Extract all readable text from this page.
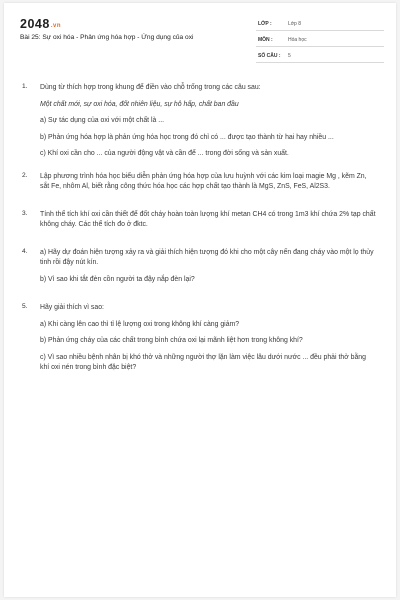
2048.vn
Bài 25: Sự oxi hóa - Phản ứng hóa hợp - Ứng dụng của oxi
LỚP :	Lớp 8
MÔN :	Hóa học
SỐ CÂU : 5
1. Dùng từ thích hợp trong khung để điền vào chỗ trống trong các câu sau:
Một chất mới, sự oxi hóa, đốt nhiên liệu, sự hô hấp, chất ban đầu
a) Sự tác dụng của oxi với một chất là ...
b) Phản ứng hóa hợp là phản ứng hóa học trong đó chỉ có ... được tạo thành từ hai hay nhiều ...
c) Khí oxi cần cho ... của người động vật và cần để ... trong đời sống và sản xuất.
2. Lập phương trình hóa học biểu diễn phản ứng hóa hợp của lưu huỳnh với các kim loại magie Mg , kẽm Zn, sắt Fe, nhôm Al, biết rằng công thức hóa học các hợp chất tạo thành là MgS, ZnS, FeS, Al2S3.
3. Tính thể tích khí oxi cần thiết để đốt cháy hoàn toàn lượng khí metan CH4 có trong 1m3 khí chứa 2% tạp chất không cháy. Các thể tích đo ở đktc.
4. a) Hãy dự đoán hiện tượng xảy ra và giải thích hiện tượng đó khi cho một cây nến đang cháy vào một lọ thủy tinh rồi đậy nút kín.
b) Vì sao khi tắt đèn cồn người ta đậy nắp đèn lại?
5. Hãy giải thích vì sao:
a) Khi càng lên cao thì tỉ lệ lượng oxi trong không khí càng giảm?
b) Phản ứng cháy của các chất trong bình chứa oxi lại mãnh liệt hơn trong không khí?
c) Vì sao nhiều bệnh nhân bị khó thở và những người thợ lặn làm việc lâu dưới nước ... đều phải thở bằng khí oxi nén trong bình đặc biệt?
